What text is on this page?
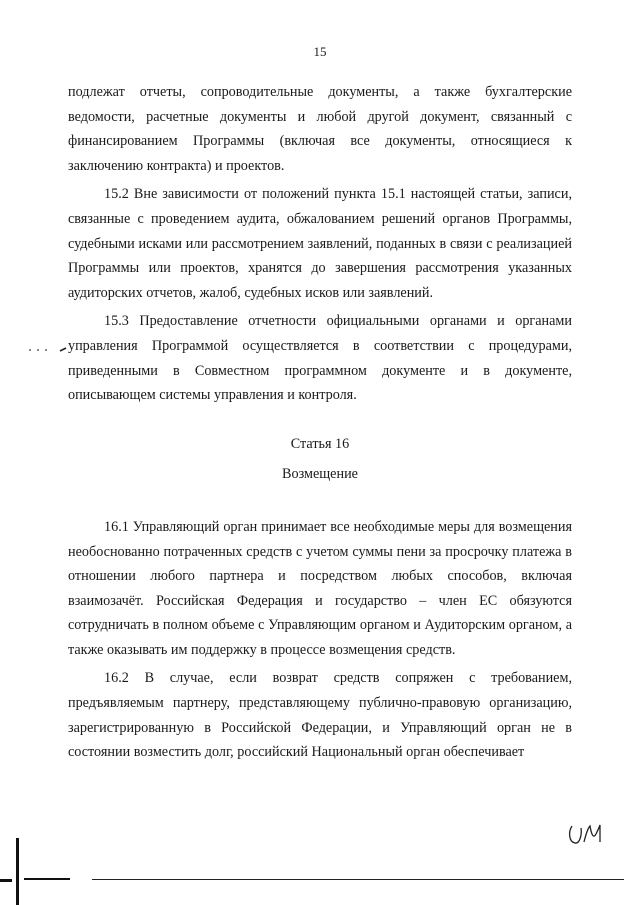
15

подлежат отчеты, сопроводительные документы, а также бухгалтерские ведомости, расчетные документы и любой другой документ, связанный с финансированием Программы (включая все документы, относящиеся к заключению контракта) и проектов.

15.2 Вне зависимости от положений пункта 15.1 настоящей статьи, записи, связанные с проведением аудита, обжалованием решений органов Программы, судебными исками или рассмотрением заявлений, поданных в связи с реализацией Программы или проектов, хранятся до завершения рассмотрения указанных аудиторских отчетов, жалоб, судебных исков или заявлений.

15.3 Предоставление отчетности официальными органами и органами управления Программой осуществляется в соответствии с процедурами, приведенными в Совместном программном документе и в документе, описывающем системы управления и контроля.

Статья 16

Возмещение

16.1 Управляющий орган принимает все необходимые меры для возмещения необоснованно потраченных средств с учетом суммы пени за просрочку платежа в отношении любого партнера и посредством любых способов, включая взаимозачёт. Российская Федерация и государство – член ЕС обязуются сотрудничать в полном объеме с Управляющим органом и Аудиторским органом, а также оказывать им поддержку в процессе возмещения средств.

16.2 В случае, если возврат средств сопряжен с требованием, предъявляемым партнеру, представляющему публично-правовую организацию, зарегистрированную в Российской Федерации, и Управляющий орган не в состоянии возместить долг, российский Национальный орган обеспечивает
